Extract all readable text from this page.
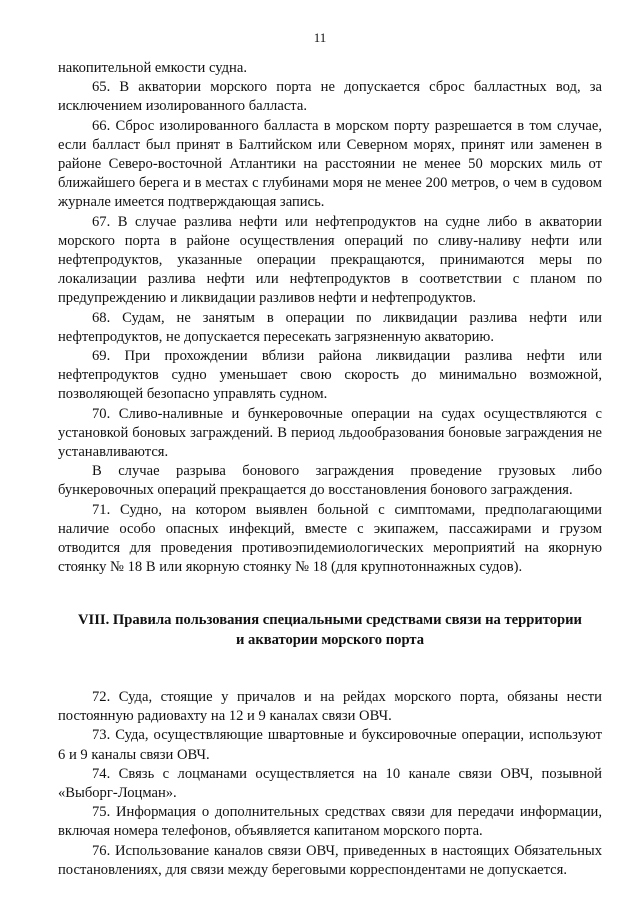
11

накопительной емкости судна.

65. В акватории морского порта не допускается сброс балластных вод, за исключением изолированного балласта.

66. Сброс изолированного балласта в морском порту разрешается в том случае, если балласт был принят в Балтийском или Северном морях, принят или заменен в районе Северо-восточной Атлантики на расстоянии не менее 50 морских миль от ближайшего берега и в местах с глубинами моря не менее 200 метров, о чем в судовом журнале имеется подтверждающая запись.

67. В случае разлива нефти или нефтепродуктов на судне либо в акватории морского порта в районе осуществления операций по сливу-наливу нефти или нефтепродуктов, указанные операции прекращаются, принимаются меры по локализации разлива нефти или нефтепродуктов в соответствии с планом по предупреждению и ликвидации разливов нефти и нефтепродуктов.

68. Судам, не занятым в операции по ликвидации разлива нефти или нефтепродуктов, не допускается пересекать загрязненную акваторию.

69. При прохождении вблизи района ликвидации разлива нефти или нефтепродуктов судно уменьшает свою скорость до минимально возможной, позволяющей безопасно управлять судном.

70. Сливо-наливные и бункеровочные операции на судах осуществляются с установкой боновых заграждений. В период льдообразования боновые заграждения не устанавливаются.

В случае разрыва бонового заграждения проведение грузовых либо бункеровочных операций прекращается до восстановления бонового заграждения.

71. Судно, на котором выявлен больной с симптомами, предполагающими наличие особо опасных инфекций, вместе с экипажем, пассажирами и грузом отводится для проведения противоэпидемиологических мероприятий на якорную стоянку № 18 В или якорную стоянку № 18 (для крупнотоннажных судов).

VIII. Правила пользования специальными средствами связи на территории
и акватории морского порта

72. Суда, стоящие у причалов и на рейдах морского порта, обязаны нести постоянную радиовахту на 12 и 9 каналах связи ОВЧ.

73. Суда, осуществляющие швартовные и буксировочные операции, используют 6 и 9 каналы связи ОВЧ.

74. Связь с лоцманами осуществляется на 10 канале связи ОВЧ, позывной «Выборг-Лоцман».

75. Информация о дополнительных средствах связи для передачи информации, включая номера телефонов, объявляется капитаном морского порта.

76. Использование каналов связи ОВЧ, приведенных в настоящих Обязательных постановлениях, для связи между береговыми корреспондентами не допускается.
